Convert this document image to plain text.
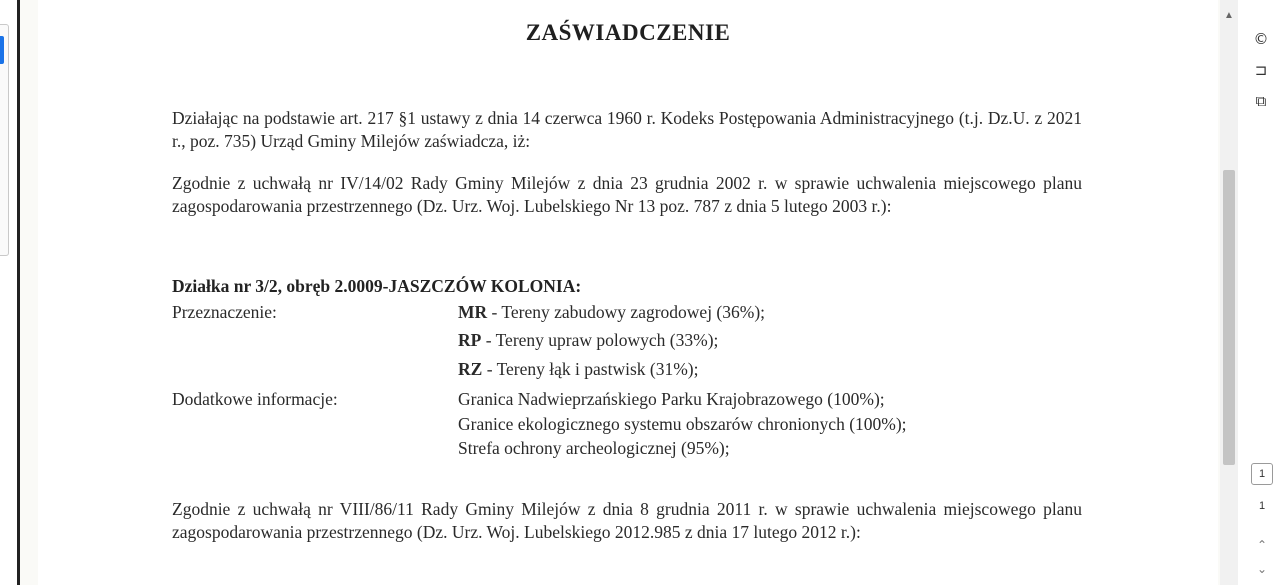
ZAŚWIADCZENIE
Działając na podstawie art. 217 §1 ustawy z dnia 14 czerwca 1960 r. Kodeks Postępowania Administracyjnego (t.j. Dz.U. z 2021 r., poz. 735) Urząd Gminy Milejów zaświadcza, iż:
Zgodnie z uchwałą nr IV/14/02 Rady Gminy Milejów z dnia 23 grudnia 2002 r. w sprawie uchwalenia miejscowego planu zagospodarowania przestrzennego (Dz. Urz. Woj. Lubelskiego Nr 13 poz. 787 z dnia 5 lutego 2003 r.):
Działka nr 3/2, obręb 2.0009-JASZCZÓW KOLONIA:
Przeznaczenie:	MR - Tereny zabudowy zagrodowej (36%);
RP - Tereny upraw polowych (33%);
RZ - Tereny łąk i pastwisk (31%);
Dodatkowe informacje:	Granica Nadwieprzańskiego Parku Krajobrazowego (100%);
Granice ekologicznego systemu obszarów chronionych (100%);
Strefa ochrony archeologicznej (95%);
Zgodnie z uchwałą nr VIII/86/11 Rady Gminy Milejów z dnia 8 grudnia 2011 r. w sprawie uchwalenia miejscowego planu zagospodarowania przestrzennego (Dz. Urz. Woj. Lubelskiego 2012.985 z dnia 17 lutego 2012 r.):
▲
©
⊐
⧉
1
1
⌃
⌄
